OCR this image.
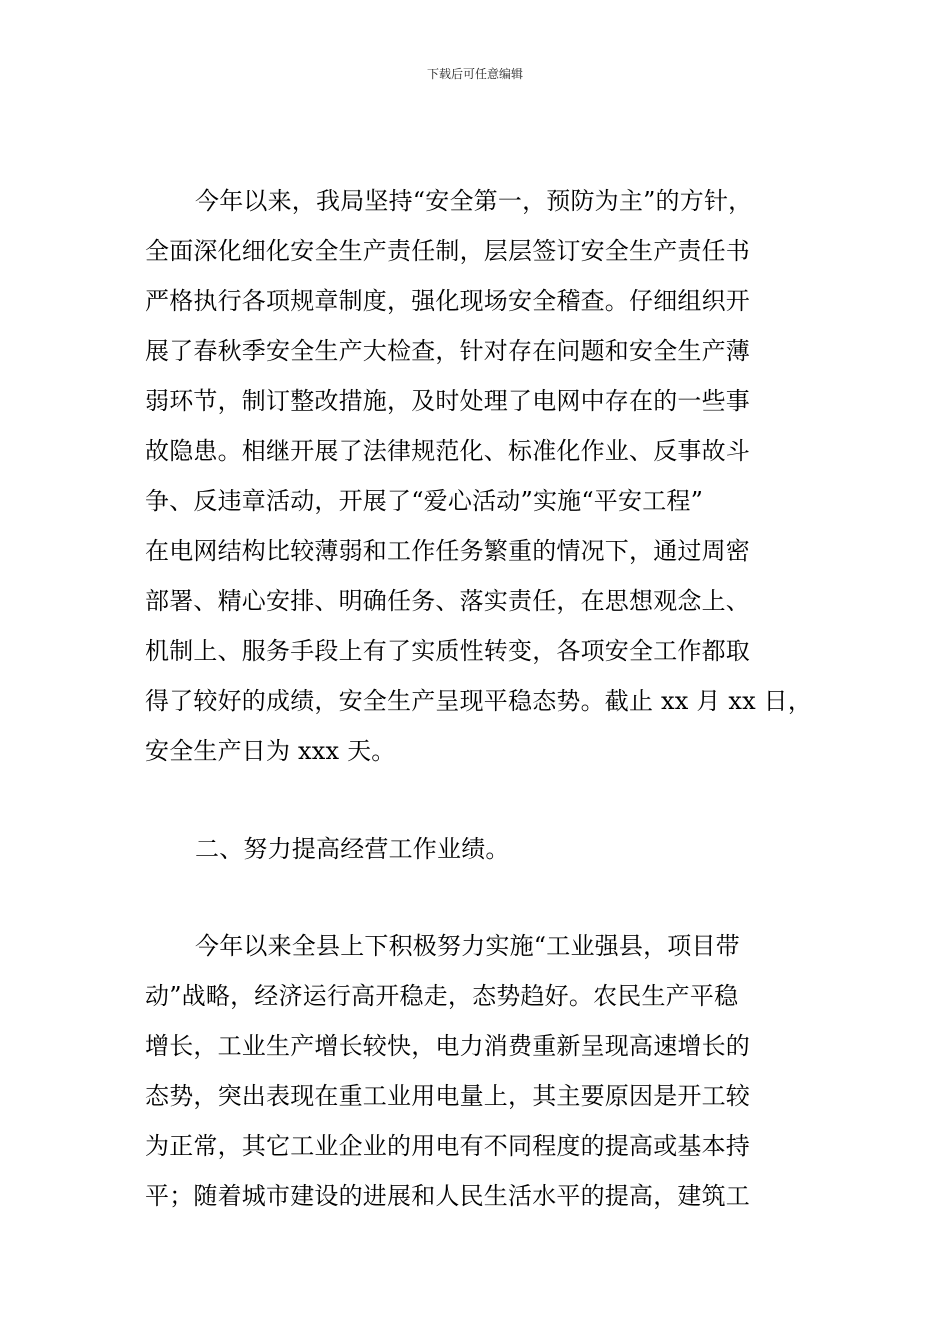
下载后可任意编辑
今年以来，我局坚持“安全第一，预防为主”的方针，
全面深化细化安全生产责任制，层层签订安全生产责任书
严格执行各项规章制度，强化现场安全稽查。仔细组织开
展了春秋季安全生产大检查，针对存在问题和安全生产薄
弱环节，制订整改措施，及时处理了电网中存在的一些事
故隐患。相继开展了法律规范化、标准化作业、反事故斗
争、反违章活动，开展了“爱心活动”实施“平安工程”
在电网结构比较薄弱和工作任务繁重的情况下，通过周密
部署、精心安排、明确任务、落实责任，在思想观念上、
机制上、服务手段上有了实质性转变，各项安全工作都取
得了较好的成绩，安全生产呈现平稳态势。截止 xx 月 xx 日，
安全生产日为 xxx 天。
二、努力提高经营工作业绩。
今年以来全县上下积极努力实施“工业强县，项目带
动”战略，经济运行高开稳走，态势趋好。农民生产平稳
增长，工业生产增长较快，电力消费重新呈现高速增长的
态势，突出表现在重工业用电量上，其主要原因是开工较
为正常，其它工业企业的用电有不同程度的提高或基本持
平；随着城市建设的进展和人民生活水平的提高，建筑工
